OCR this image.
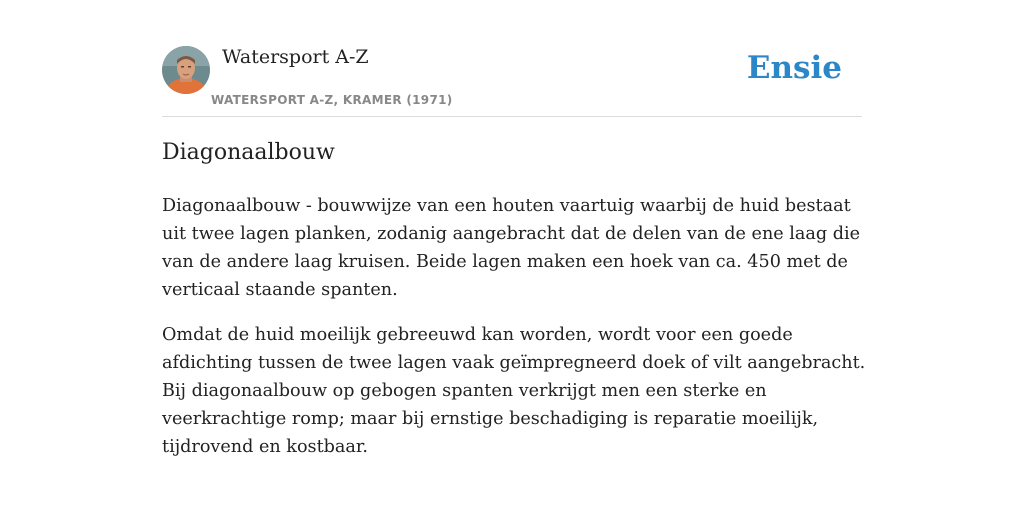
Watersport A-Z
WATERSPORT A-Z, KRAMER (1971)
Ensie
Diagonaalbouw

Diagonaalbouw - bouwwijze van een houten vaartuig waarbij de huid bestaat uit twee lagen planken, zodanig aangebracht dat de delen van de ene laag die van de andere laag kruisen. Beide lagen maken een hoek van ca. 450 met de verticaal staande spanten.

Omdat de huid moeilijk gebreeuwd kan worden, wordt voor een goede afdichting tussen de twee lagen vaak geïmpregneerd doek of vilt aangebracht. Bij diagonaalbouw op gebogen spanten verkrijgt men een sterke en veerkrachtige romp; maar bij ernstige beschadiging is reparatie moeilijk, tijdrovend en kostbaar.
